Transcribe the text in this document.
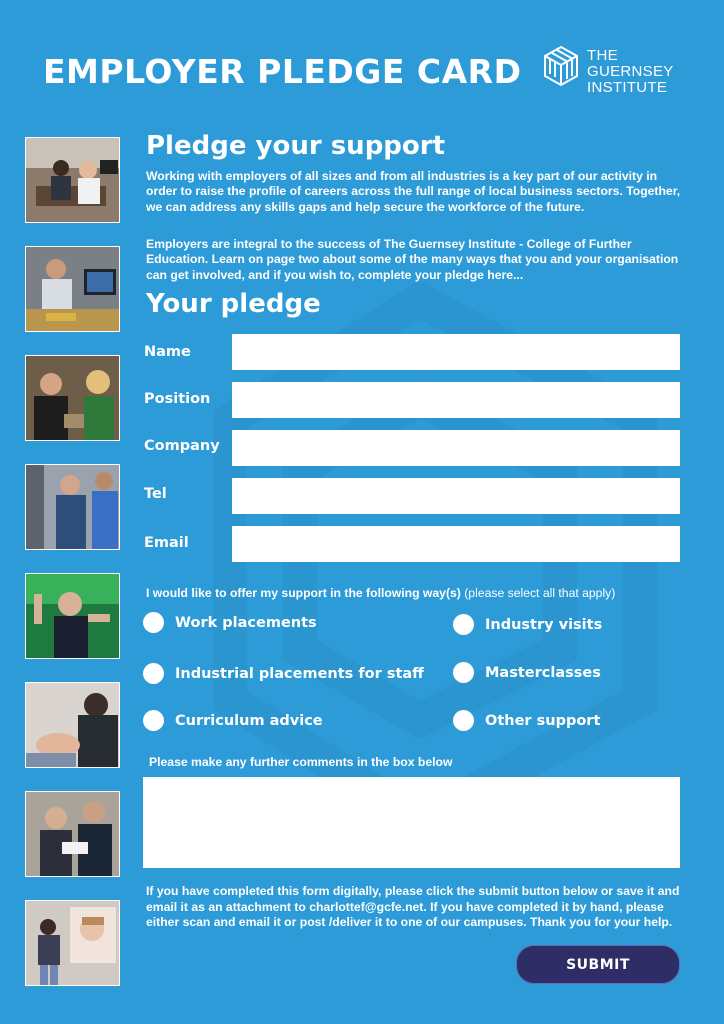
EMPLOYER PLEDGE CARD	THE
GUERNSEY
INSTITUTE
Pledge your support
Working with employers of all sizes and from all industries is a key part of our activity in order to raise the profile of careers across the full range of local business sectors. Together, we can address any skills gaps and help secure the workforce of the future.
Employers are integral to the success of The Guernsey Institute - College of Further Education. Learn on page two about some of the many ways that you and your organisation can get involved, and if you wish to, complete your pledge here...
Your pledge
Name
Position
Company
Tel
Email
I would like to offer my support in the following way(s) (please select all that apply)
Work placements	Industry visits
Industrial placements for staff	Masterclasses
Curriculum advice	Other support
Please make any further comments in the box below
If you have completed this form digitally, please click the submit button below or save it and email it as an attachment to charlottef@gcfe.net. If you have completed it by hand, please either scan and email it or post /deliver it to one of our campuses. Thank you for your help.
SUBMIT
